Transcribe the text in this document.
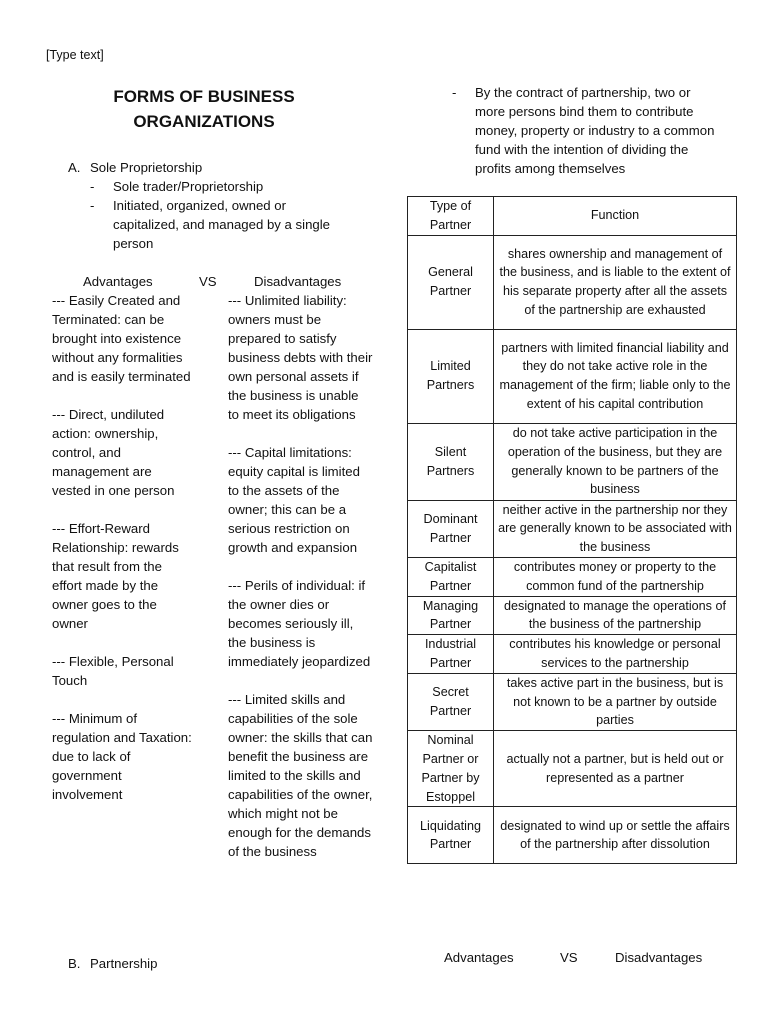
[Type text]
FORMS OF BUSINESS ORGANIZATIONS
A. Sole Proprietorship
- Sole trader/Proprietorship
- Initiated, organized, owned or capitalized, and managed by a single person
Advantages	VS	Disadvantages
--- Easily Created and Terminated: can be brought into existence without any formalities and is easily terminated
--- Direct, undiluted action: ownership, control, and management are vested in one person
--- Effort-Reward Relationship: rewards that result from the effort made by the owner goes to the owner
--- Flexible, Personal Touch
--- Minimum of regulation and Taxation: due to lack of government involvement
--- Unlimited liability: owners must be prepared to satisfy business debts with their own personal assets if the business is unable to meet its obligations
--- Capital limitations: equity capital is limited to the assets of the owner; this can be a serious restriction on growth and expansion
--- Perils of individual: if the owner dies or becomes seriously ill, the business is immediately jeopardized
--- Limited skills and capabilities of the sole owner: the skills that can benefit the business are limited to the skills and capabilities of the owner, which might not be enough for the demands of the business
B. Partnership
-	By the contract of partnership, two or more persons bind them to contribute money, property or industry to a common fund with the intention of dividing the profits among themselves
Type of Partner	Function
General Partner	shares ownership and management of the business, and is liable to the extent of his separate property after all the assets of the partnership are exhausted
Limited Partners	partners with limited financial liability and they do not take active role in the management of the firm; liable only to the extent of his capital contribution
Silent Partners	do not take active participation in the operation of the business, but they are generally known to be partners of the business
Dominant Partner	neither active in the partnership nor they are generally known to be associated with the business
Capitalist Partner	contributes money or property to the common fund of the partnership
Managing Partner	designated to manage the operations of the business of the partnership
Industrial Partner	contributes his knowledge or personal services to the partnership
Secret Partner	takes active part in the business, but is not known to be a partner by outside parties
Nominal Partner or Partner by Estoppel	actually not a partner, but is held out or represented as a partner
Liquidating Partner	designated to wind up or settle the affairs of the partnership after dissolution
Advantages	VS	Disadvantages
